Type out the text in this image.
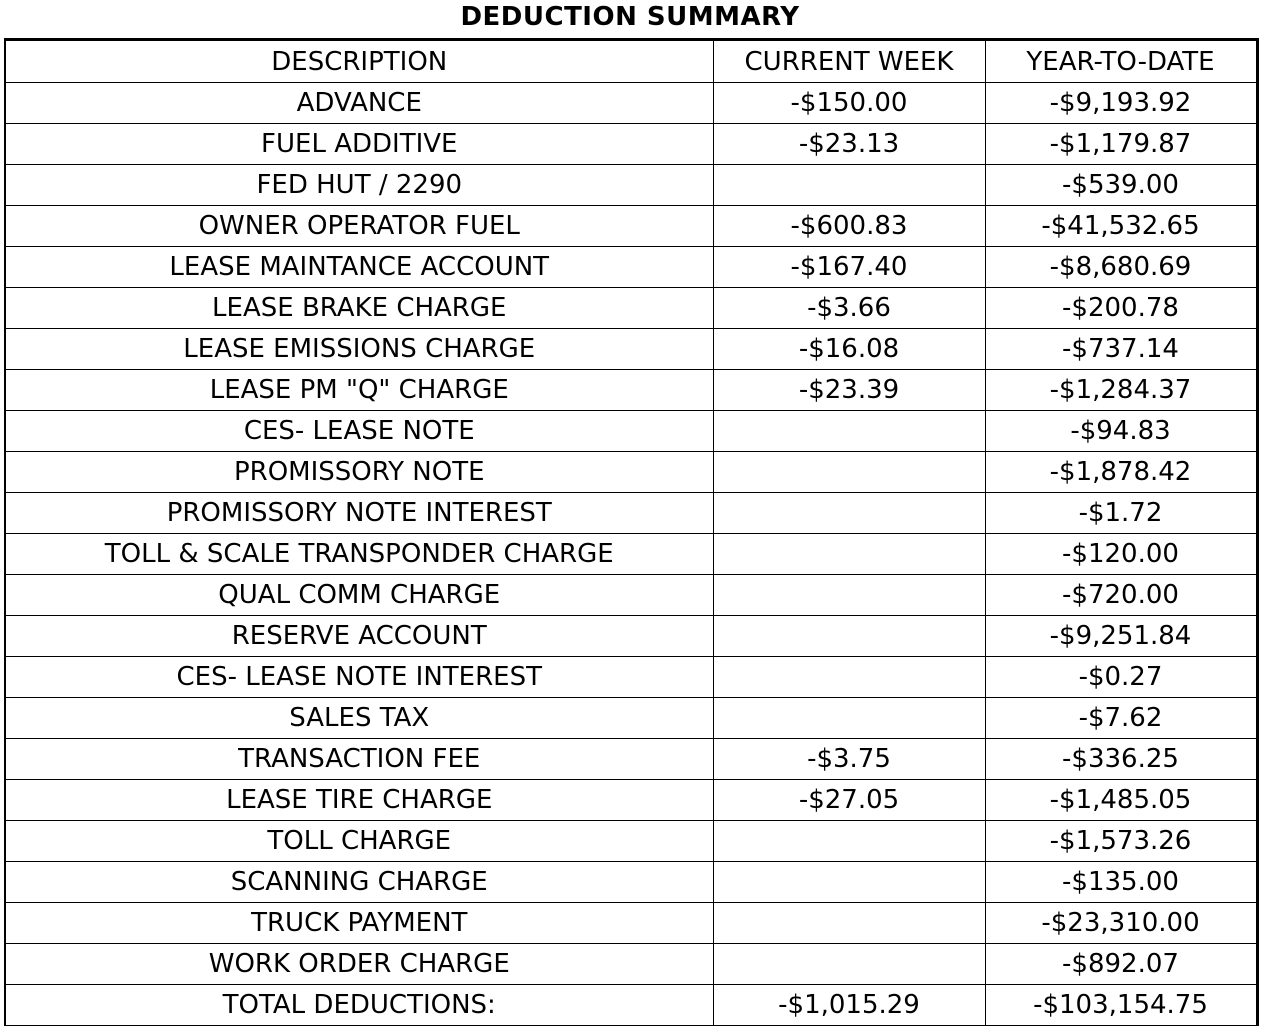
DEDUCTION SUMMARY
DESCRIPTION	CURRENT WEEK	YEAR-TO-DATE
ADVANCE	-$150.00	-$9,193.92
FUEL ADDITIVE	-$23.13	-$1,179.87
FED HUT / 2290		-$539.00
OWNER OPERATOR FUEL	-$600.83	-$41,532.65
LEASE MAINTANCE ACCOUNT	-$167.40	-$8,680.69
LEASE BRAKE CHARGE	-$3.66	-$200.78
LEASE EMISSIONS CHARGE	-$16.08	-$737.14
LEASE PM "Q" CHARGE	-$23.39	-$1,284.37
CES- LEASE NOTE		-$94.83
PROMISSORY NOTE		-$1,878.42
PROMISSORY NOTE INTEREST		-$1.72
TOLL & SCALE TRANSPONDER CHARGE		-$120.00
QUAL COMM CHARGE		-$720.00
RESERVE ACCOUNT		-$9,251.84
CES- LEASE NOTE INTEREST		-$0.27
SALES TAX		-$7.62
TRANSACTION FEE	-$3.75	-$336.25
LEASE TIRE CHARGE	-$27.05	-$1,485.05
TOLL CHARGE		-$1,573.26
SCANNING CHARGE		-$135.00
TRUCK PAYMENT		-$23,310.00
WORK ORDER CHARGE		-$892.07
TOTAL DEDUCTIONS:	-$1,015.29	-$103,154.75
